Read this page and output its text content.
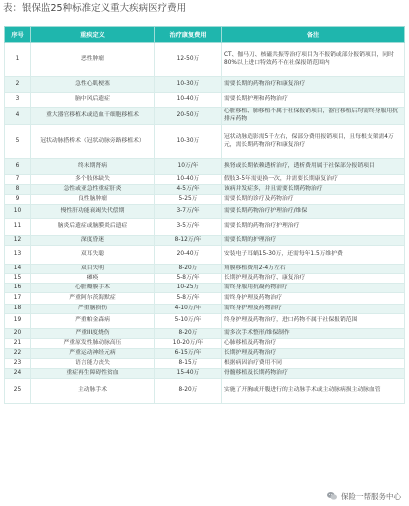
表：银保监25种标准定义重大疾病医疗费用
序号	重疾定义	治疗康复费用	备注
1	恶性肿瘤	12-50万	CT、伽马刀、核磁共振等治疗项目为不报销或部分报销项目，同时80%以上进口特效药不在社保报销范围内
2	急性心肌梗塞	10-30万	需要长期的药物治疗和康复治疗
3	脑中风后遗症	10-40万	需要长期护理和药物治疗
4	重大器官移植术或造血干细胞移植术	20-50万	心脏移植、肺移植不属于社保报销项目，器官移植后均需终身服用抗排斥药物
5	冠状动脉搭桥术（冠状动脉旁路移植术）	10-30万	冠状动脉造影需5千左右，保部分费用报销项目，且每根支架需4万元，需长期药物治疗和康复治疗
6	终末期肾病	10万/年	换肾或长期依赖透析治疗，透析费用属于社保部分报销项目
7	多个肢体缺失	10-40万	假肢3-5年需更换一次，并需要长期康复治疗
8	急性或亚急性重症肝炎	4-5万/年	该病并发症多，并且需要长期药物治疗
9	良性脑肿瘤	5-25万	需要长期的诊疗及药物治疗
10	慢性肝功能衰竭失代偿期	3-7万/年	需要长期药物治疗护理治疗/维保
11	脑炎后遗症或脑膜炎后遗症	3-5万/年	需要长期的药物治疗护理治疗
12	深度昏迷	8-12万/年	需要长期的护理治疗
13	双耳失聪	20-40万	安装电子耳蜗15-30万，还需每年1.5万维护费
14	双目失明	8-20万	角膜移植费用2-4万左右
15	瘫痪	5-8万/年	长期护理及药物治疗、康复治疗
16	心脏瓣膜手术	10-25万	需终身服用抗凝药物治疗
17	严重阿尔茨海默症	5-8万/年	需终身护理及药物治疗
18	严重脑损伤	4-10万/年	需终身护理及药物治疗
19	严重帕金森病	5-10万/年	终身护理及药物治疗，进口药物不属于社保报销范围
20	严重III度烧伤	8-20万	需多次手术整形/维保制作
21	严重原发性肺动脉高压	10-20万/年	心肺移植及药物治疗
22	严重运动神经元病	6-15万/年	长期护理及药物治疗
23	语言能力丧失	8-15万	根据病因治疗费用不同
24	重症再生障碍性贫血	15-40万	骨髓移植及长期药物治疗
25	主动脉手术	8-20万	实施了开胸或开腹进行的主动脉手术或主动脉病损主动脉血管
保险一帮服务中心
